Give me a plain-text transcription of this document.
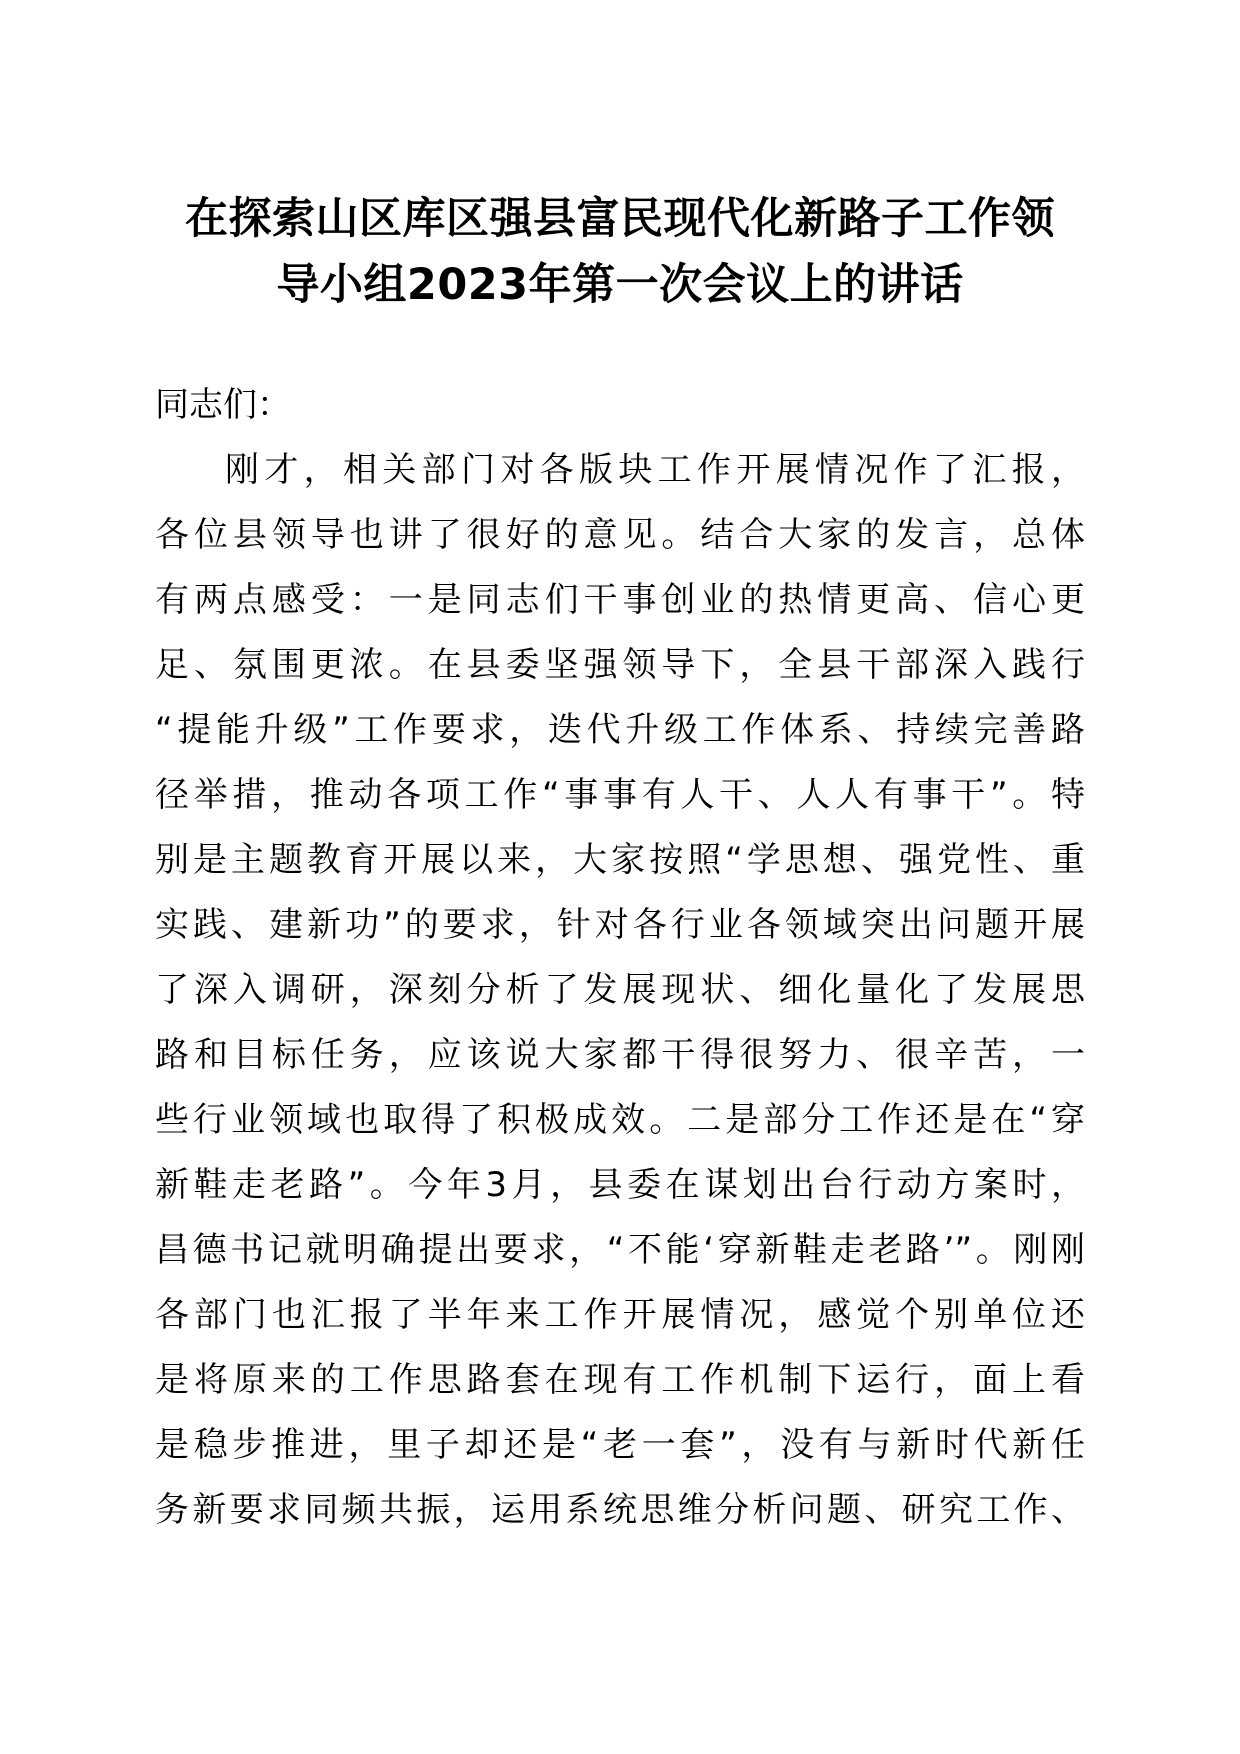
在探索山区库区强县富民现代化新路子工作领
导小组2023年第一次会议上的讲话
同志们：
刚才，相关部门对各版块工作开展情况作了汇报，
各位县领导也讲了很好的意见。结合大家的发言，总体
有两点感受：一是同志们干事创业的热情更高、信心更
足、氛围更浓。在县委坚强领导下，全县干部深入践行
“提能升级”工作要求，迭代升级工作体系、持续完善路
径举措，推动各项工作“事事有人干、人人有事干”。特
别是主题教育开展以来，大家按照“学思想、强党性、重
实践、建新功”的要求，针对各行业各领域突出问题开展
了深入调研，深刻分析了发展现状、细化量化了发展思
路和目标任务，应该说大家都干得很努力、很辛苦，一
些行业领域也取得了积极成效。二是部分工作还是在“穿
新鞋走老路”。今年3月，县委在谋划出台行动方案时，
昌德书记就明确提出要求，“不能‘穿新鞋走老路’”。刚刚
各部门也汇报了半年来工作开展情况，感觉个别单位还
是将原来的工作思路套在现有工作机制下运行，面上看
是稳步推进，里子却还是“老一套”，没有与新时代新任
务新要求同频共振，运用系统思维分析问题、研究工作、
